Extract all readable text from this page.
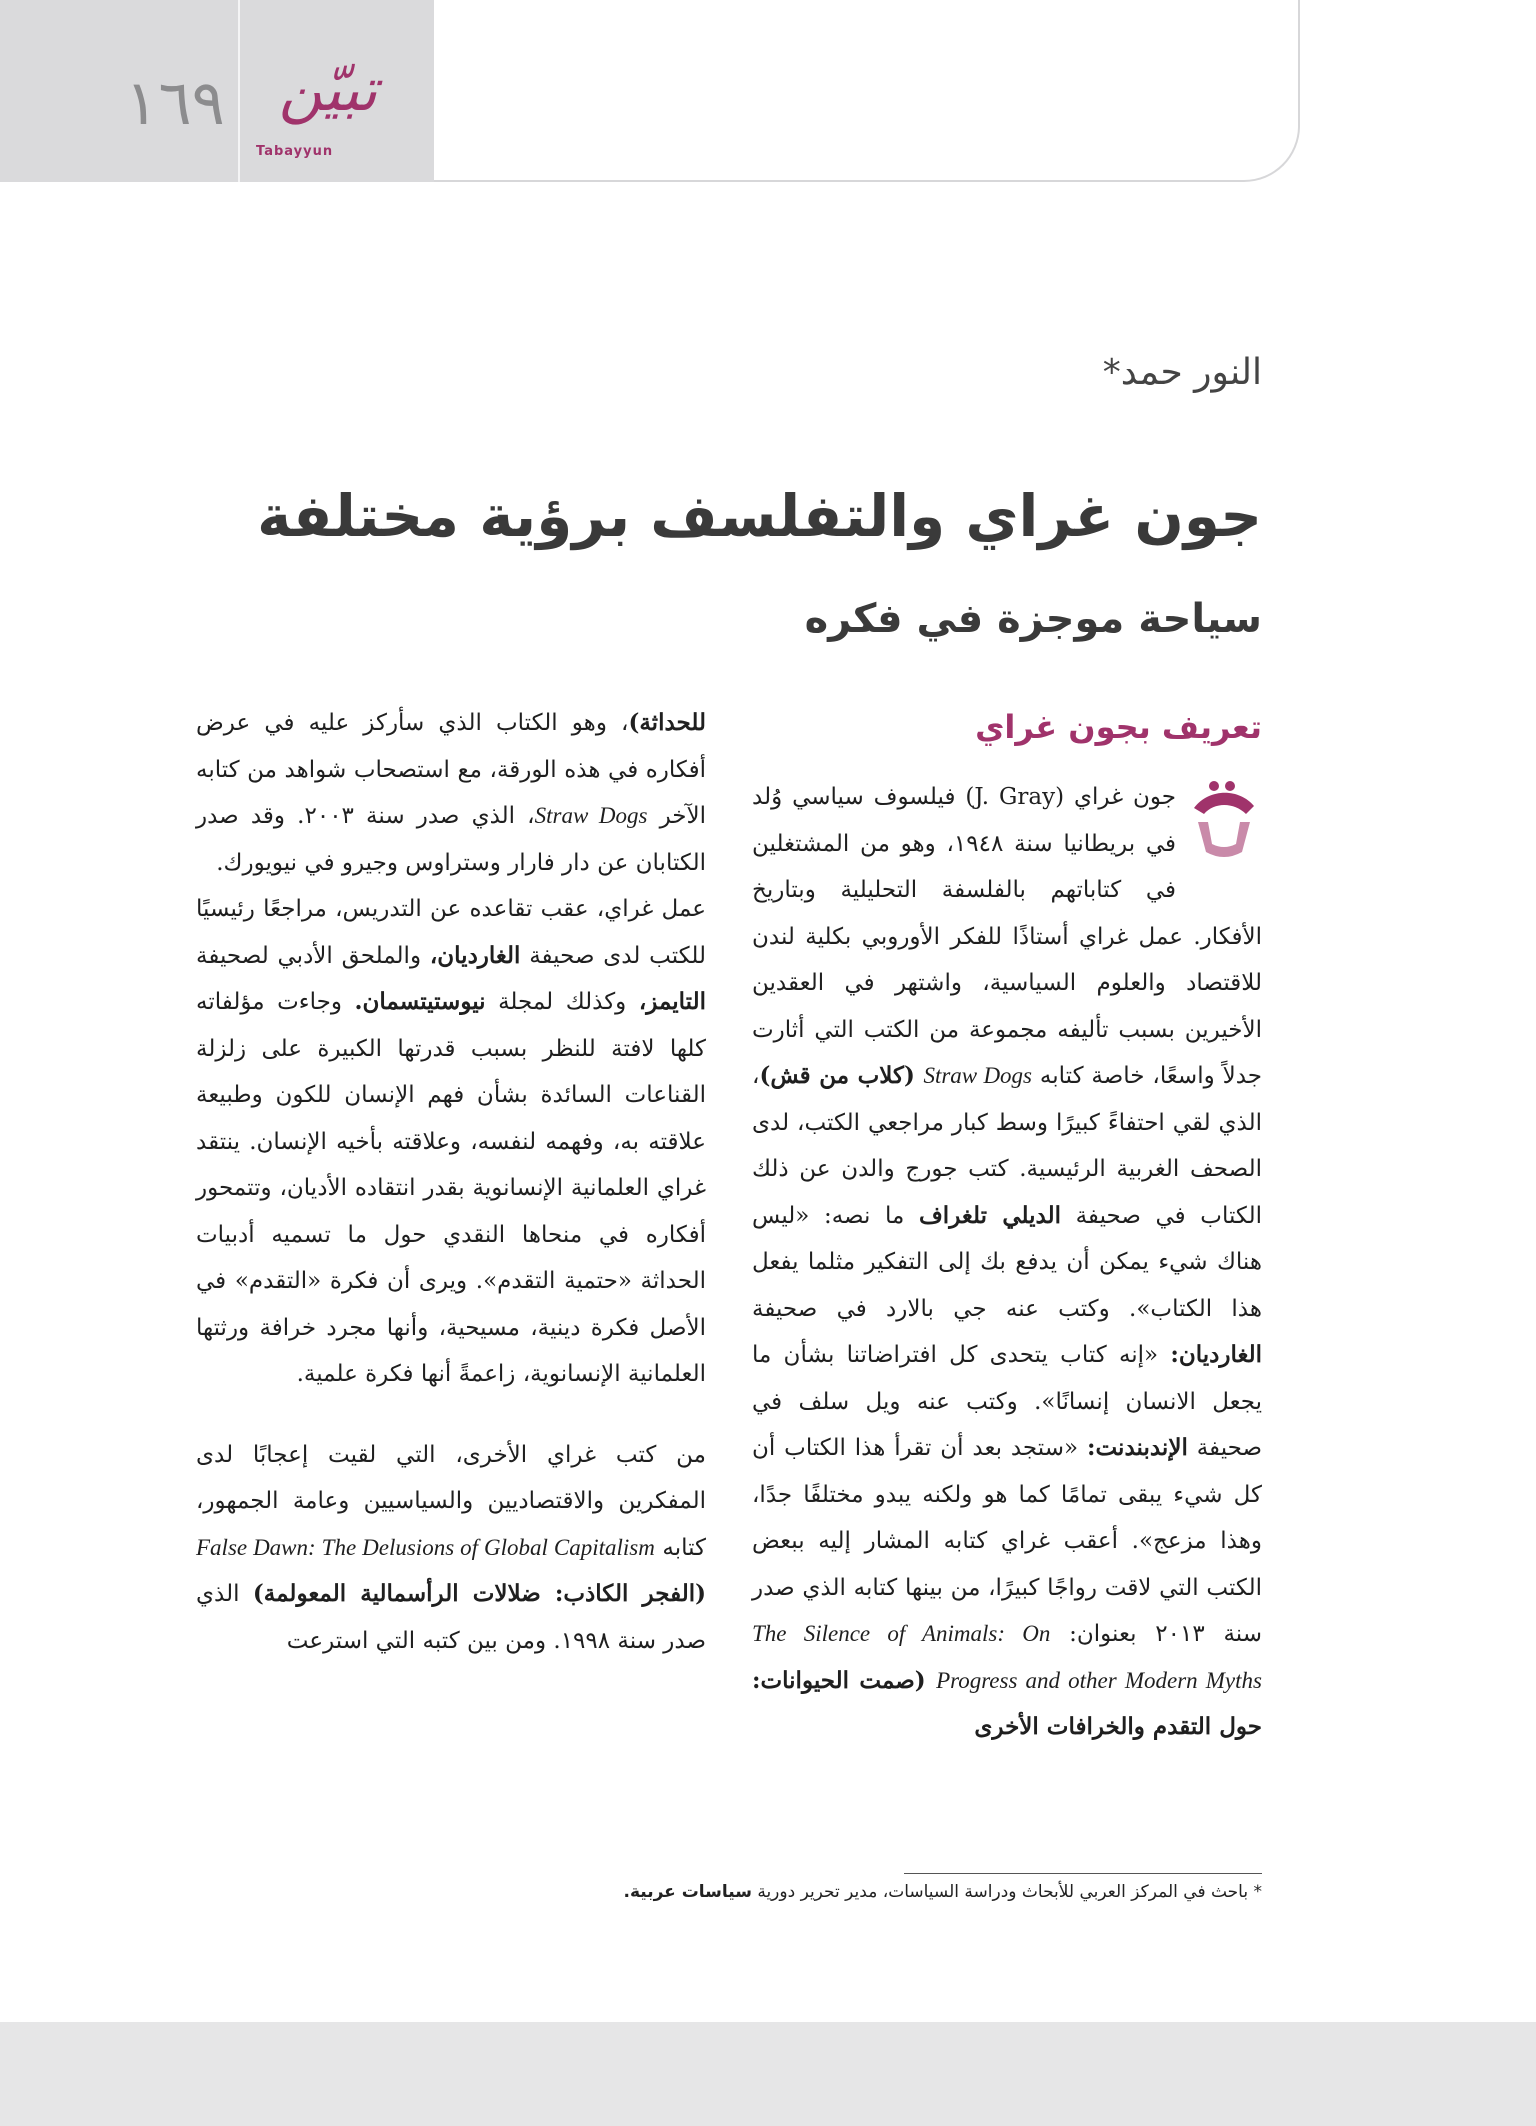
١٦٩ تبيّن
Tabayyun
النور حمد*
جون غراي والتفلسف برؤية مختلفة
سياحة موجزة في فكره
تعريف بجون غراي

جون غراي (J. Gray) فيلسوف سياسي وُلد في بريطانيا سنة ١٩٤٨، وهو من المشتغلين في كتاباتهم بالفلسفة التحليلية وبتاريخ الأفكار. عمل غراي أستاذًا للفكر الأوروبي بكلية لندن للاقتصاد والعلوم السياسية، واشتهر في العقدين الأخيرين بسبب تأليفه مجموعة من الكتب التي أثارت جدلاً واسعًا، خاصة كتابه Straw Dogs (كلاب من قش)، الذي لقي احتفاءً كبيرًا وسط كبار مراجعي الكتب، لدى الصحف الغربية الرئيسية. كتب جورج والدن عن ذلك الكتاب في صحيفة الديلي تلغراف ما نصه: «ليس هناك شيء يمكن أن يدفع بك إلى التفكير مثلما يفعل هذا الكتاب». وكتب عنه جي بالارد في صحيفة الغارديان: «إنه كتاب يتحدى كل افتراضاتنا بشأن ما يجعل الانسان إنسانًا». وكتب عنه ويل سلف في صحيفة الإندبندنت: «ستجد بعد أن تقرأ هذا الكتاب أن كل شيء يبقى تمامًا كما هو ولكنه يبدو مختلفًا جدًا، وهذا مزعج». أعقب غراي كتابه المشار إليه ببعض الكتب التي لاقت رواجًا كبيرًا، من بينها كتابه الذي صدر سنة ٢٠١٣ بعنوان: The Silence of Animals: On Progress and other Modern Myths (صمت الحيوانات: حول التقدم والخرافات الأخرى

للحداثة)، وهو الكتاب الذي سأركز عليه في عرض أفكاره في هذه الورقة، مع استصحاب شواهد من كتابه الآخر Straw Dogs، الذي صدر سنة ٢٠٠٣. وقد صدر الكتابان عن دار فارار وستراوس وجيرو في نيويورك.

عمل غراي، عقب تقاعده عن التدريس، مراجعًا رئيسيًا للكتب لدى صحيفة الغارديان، والملحق الأدبي لصحيفة التايمز، وكذلك لمجلة نيوستيتسمان. وجاءت مؤلفاته كلها لافتة للنظر بسبب قدرتها الكبيرة على زلزلة القناعات السائدة بشأن فهم الإنسان للكون وطبيعة علاقته به، وفهمه لنفسه، وعلاقته بأخيه الإنسان. ينتقد غراي العلمانية الإنسانوية بقدر انتقاده الأديان، وتتمحور أفكاره في منحاها النقدي حول ما تسميه أدبيات الحداثة «حتمية التقدم». ويرى أن فكرة «التقدم» في الأصل فكرة دينية، مسيحية، وأنها مجرد خرافة ورثتها العلمانية الإنسانوية، زاعمةً أنها فكرة علمية.

من كتب غراي الأخرى، التي لقيت إعجابًا لدى المفكرين والاقتصاديين والسياسيين وعامة الجمهور، كتابه False Dawn: The Delusions of Global Capitalism (الفجر الكاذب: ضلالات الرأسمالية المعولمة) الذي صدر سنة ١٩٩٨. ومن بين كتبه التي استرعت

* باحث في المركز العربي للأبحاث ودراسة السياسات، مدير تحرير دورية سياسات عربية.
